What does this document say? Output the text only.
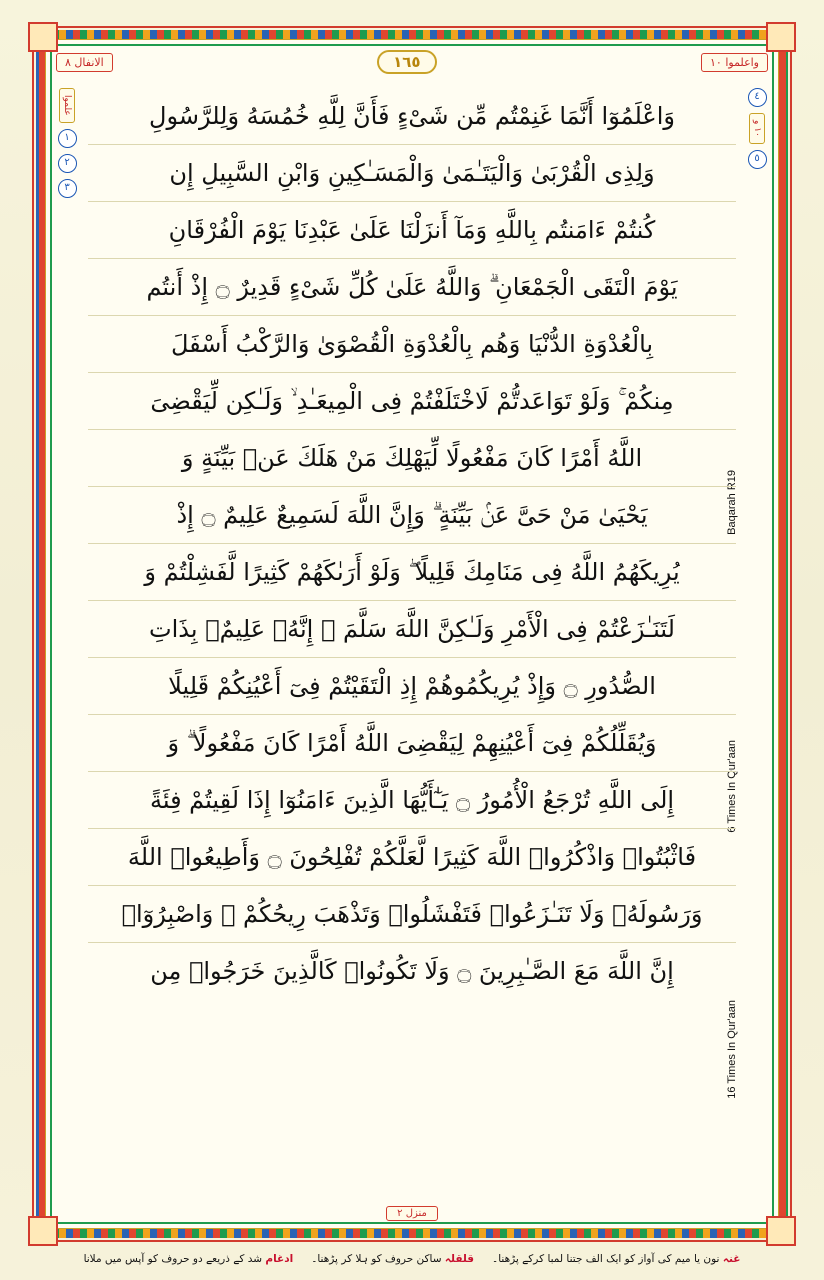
الانفال ٨	١٦٥	واعلموا ١٠
علموا
١
٢
٣
٤
١٠ و
٥
Baqarah R19
6 Times In Qur'aan
16 Times In Qur'aan
وَاعْلَمُوٓا أَنَّمَا غَنِمْتُم مِّن شَىْءٍ فَأَنَّ لِلَّهِ خُمُسَهُ وَلِلرَّسُولِ
وَلِذِى الْقُرْبَىٰ وَالْيَتَـٰمَىٰ وَالْمَسَـٰكِينِ وَابْنِ السَّبِيلِ إِن
كُنتُمْ ءَامَنتُم بِاللَّهِ وَمَآ أَنزَلْنَا عَلَىٰ عَبْدِنَا يَوْمَ الْفُرْقَانِ
يَوْمَ الْتَقَى الْجَمْعَانِ ۗ وَاللَّهُ عَلَىٰ كُلِّ شَىْءٍ قَدِيرٌ ۝ إِذْ أَنتُم
بِالْعُدْوَةِ الدُّنْيَا وَهُم بِالْعُدْوَةِ الْقُصْوَىٰ وَالرَّكْبُ أَسْفَلَ
مِنكُمْ ۚ وَلَوْ تَوَاعَدتُّمْ لَاخْتَلَفْتُمْ فِى الْمِيعَـٰدِ ۙ وَلَـٰكِن لِّيَقْضِىَ
اللَّهُ أَمْرًا كَانَ مَفْعُولًا لِّيَهْلِكَ مَنْ هَلَكَ عَنۢ بَيِّنَةٍ وَ
يَحْيَىٰ مَنْ حَىَّ عَنۢ بَيِّنَةٍ ۗ وَإِنَّ اللَّهَ لَسَمِيعٌ عَلِيمٌ ۝ إِذْ
يُرِيكَهُمُ اللَّهُ فِى مَنَامِكَ قَلِيلًا ۖ وَلَوْ أَرَىٰكَهُمْ كَثِيرًا لَّفَشِلْتُمْ وَ
لَتَنَـٰزَعْتُمْ فِى الْأَمْرِ وَلَـٰكِنَّ اللَّهَ سَلَّمَ ۗ إِنَّهُۥ عَلِيمٌۢ بِذَاتِ
الصُّدُورِ ۝ وَإِذْ يُرِيكُمُوهُمْ إِذِ الْتَقَيْتُمْ فِىٓ أَعْيُنِكُمْ قَلِيلًا
وَيُقَلِّلُكُمْ فِىٓ أَعْيُنِهِمْ لِيَقْضِىَ اللَّهُ أَمْرًا كَانَ مَفْعُولًا ۗ وَ
إِلَى اللَّهِ تُرْجَعُ الْأُمُورُ ۝ يَـٰٓأَيُّهَا الَّذِينَ ءَامَنُوٓا إِذَا لَقِيتُمْ فِئَةً
فَاثْبُتُوا۟ وَاذْكُرُوا۟ اللَّهَ كَثِيرًا لَّعَلَّكُمْ تُفْلِحُونَ ۝ وَأَطِيعُوا۟ اللَّهَ
وَرَسُولَهُۥ وَلَا تَنَـٰزَعُوا۟ فَتَفْشَلُوا۟ وَتَذْهَبَ رِيحُكُمْ ۖ وَاصْبِرُوٓا۟
إِنَّ اللَّهَ مَعَ الصَّـٰبِرِينَ ۝ وَلَا تَكُونُوا۟ كَالَّذِينَ خَرَجُوا۟ مِن
منزل ٢
غنہ نون یا میم کی آواز کو ایک الف جتنا لمبا کرکے پڑھنا۔
قلقلہ ساکن حروف کو ہلا کر پڑھنا۔
ادغام شد کے ذریعے دو حروف کو آپس میں ملانا
